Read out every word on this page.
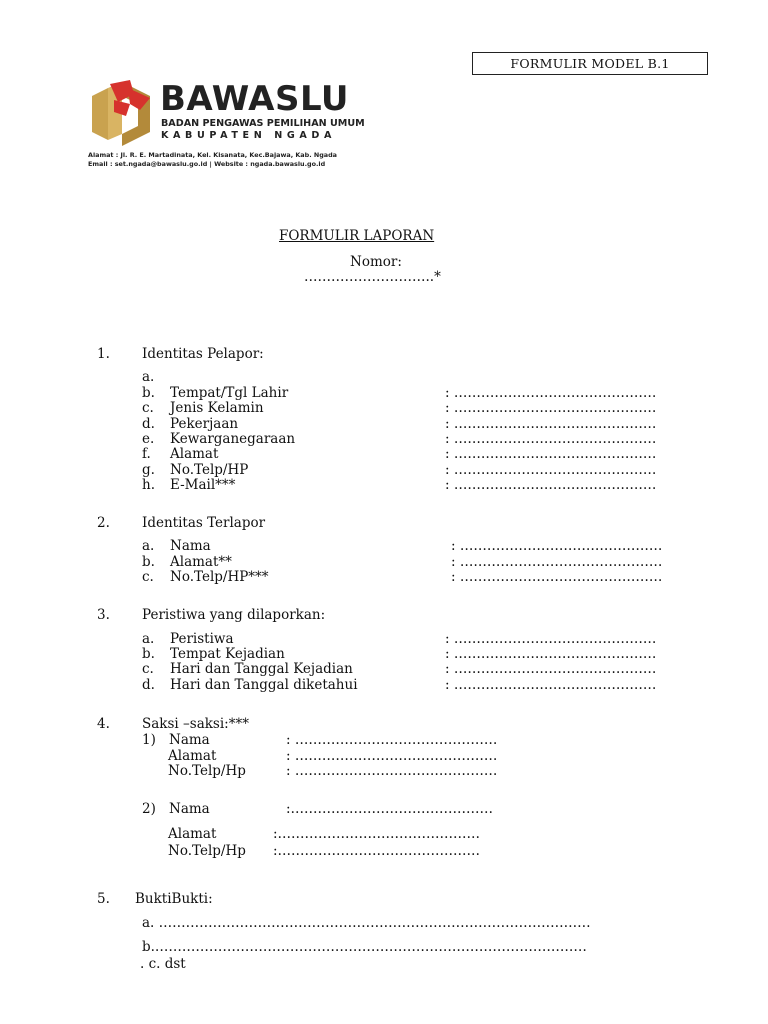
FORMULIR MODEL B.1
BAWASLU
BADAN PENGAWAS PEMILIHAN UMUM
KABUPATEN NGADA
Alamat : Jl. R. E. Martadinata, Kel. Kisanata, Kec.Bajawa, Kab. Ngada
Email : set.ngada@bawaslu.go.id | Website : ngada.bawaslu.go.id
FORMULIR LAPORAN
Nomor:
………………………..*
1. Identitas Pelapor:
a.
b. Tempat/Tgl Lahir	: ………………………………………
c. Jenis Kelamin	: ………………………………………
d. Pekerjaan	: ………………………………………
e. Kewarganegaraan	: ………………………………………
f. Alamat	: ………………………………………
g. No.Telp/HP	: ………………………………………
h. E-Mail***	: ………………………………………
2. Identitas Terlapor
a. Nama	: ………………………………………
b. Alamat**	: ………………………………………
c. No.Telp/HP***	: ………………………………………
3. Peristiwa yang dilaporkan:
a. Peristiwa	: ………………………………………
b. Tempat Kejadian	: ………………………………………
c. Hari dan Tanggal Kejadian	: ………………………………………
d. Hari dan Tanggal diketahui	: ………………………………………
4. Saksi –saksi:***
1) Nama	: ………………………………………
Alamat	: ………………………………………
No.Telp/Hp	: ………………………………………
2) Nama	:………………………………………
Alamat	:………………………………………
No.Telp/Hp :………………………………………
5. BuktiBukti:
a. ……………………………………………………………………………………
b.……………………………………………………………………………………
. c. dst
